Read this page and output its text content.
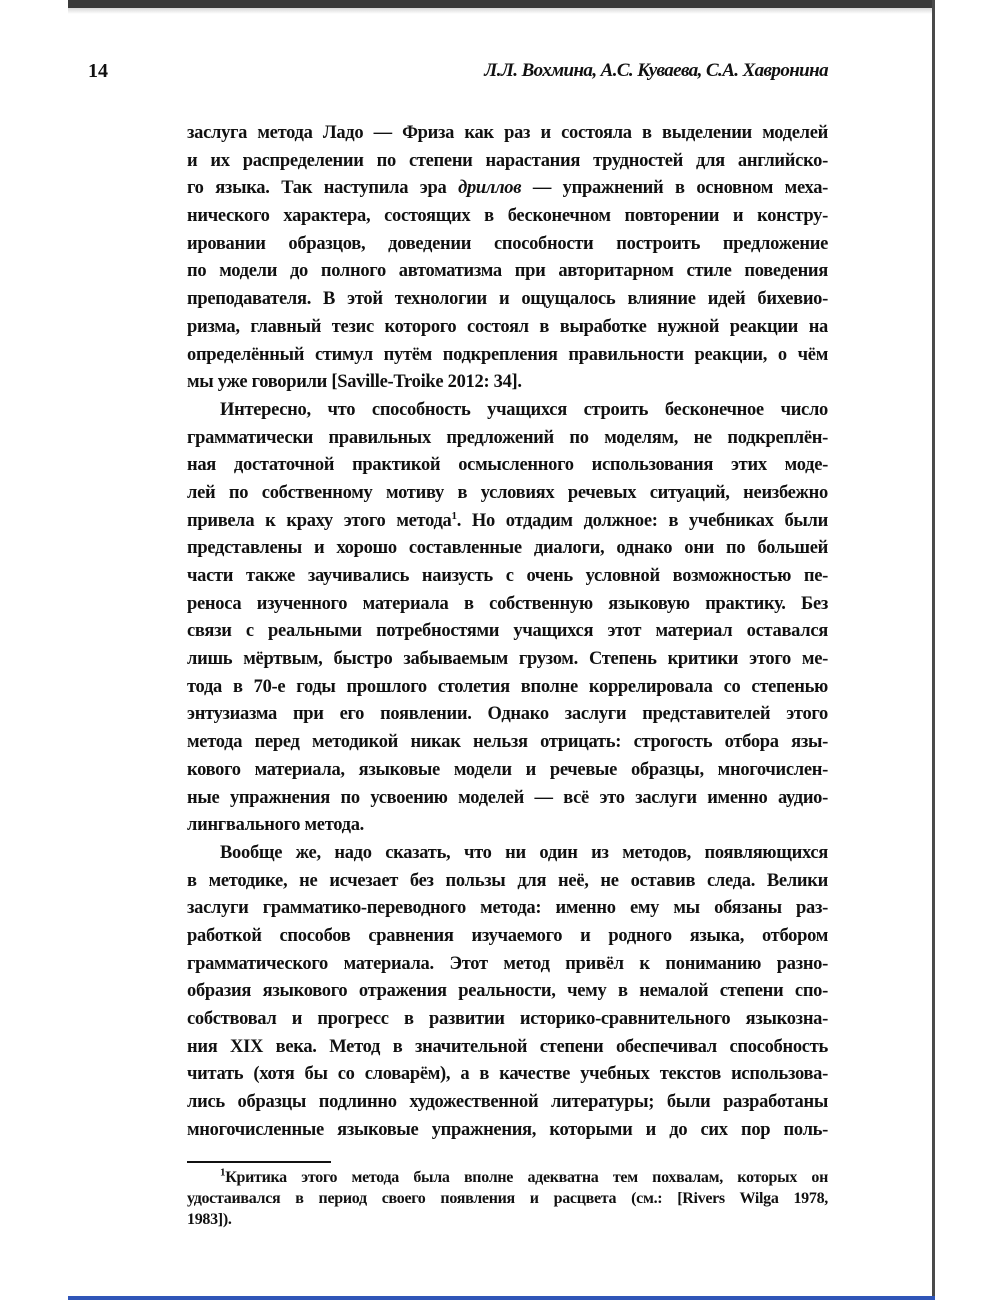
14	Л.Л. Вохмина, А.С. Куваева, С.А. Хавронина
заслуга метода Ладо — Фриза как раз и состояла в выделении моделей
и их распределении по степени нарастания трудностей для английско-
го языка. Так наступила эра дриллов — упражнений в основном меха-
нического характера, состоящих в бесконечном повторении и констру-
ировании образцов, доведении способности построить предложение
по модели до полного автоматизма при авторитарном стиле поведения
преподавателя. В этой технологии и ощущалось влияние идей бихевио-
ризма, главный тезис которого состоял в выработке нужной реакции на
определённый стимул путём подкрепления правильности реакции, о чём
мы уже говорили [Saville-Troike 2012: 34].
Интересно, что способность учащихся строить бесконечное число
грамматически правильных предложений по моделям, не подкреплён-
ная достаточной практикой осмысленного использования этих моде-
лей по собственному мотиву в условиях речевых ситуаций, неизбежно
привела к краху этого метода$^1$. Но отдадим должное: в учебниках были
представлены и хорошо составленные диалоги, однако они по большей
части также заучивались наизусть с очень условной возможностью пе-
реноса изученного материала в собственную языковую практику. Без
связи с реальными потребностями учащихся этот материал оставался
лишь мёртвым, быстро забываемым грузом. Степень критики этого ме-
тода в 70-е годы прошлого столетия вполне коррелировала со степенью
энтузиазма при его появлении. Однако заслуги представителей этого
метода перед методикой никак нельзя отрицать: строгость отбора язы-
кового материала, языковые модели и речевые образцы, многочислен-
ные упражнения по усвоению моделей — всё это заслуги именно аудио-
лингвального метода.
Вообще же, надо сказать, что ни один из методов, появляющихся
в методике, не исчезает без пользы для неё, не оставив следа. Велики
заслуги грамматико-переводного метода: именно ему мы обязаны раз-
работкой способов сравнения изучаемого и родного языка, отбором
грамматического материала. Этот метод привёл к пониманию разно-
образия языкового отражения реальности, чему в немалой степени спо-
собствовал и прогресс в развитии историко-сравнительного языкозна-
ния XIX века. Метод в значительной степени обеспечивал способность
читать (хотя бы со словарём), а в качестве учебных текстов использова-
лись образцы подлинно художественной литературы; были разработаны
многочисленные языковые упражнения, которыми и до сих пор поль-
$^1$Критика этого метода была вполне адекватна тем похвалам, которых он
удостаивался в период своего появления и расцвета (см.: [Rivers Wilga 1978,
1983]).
